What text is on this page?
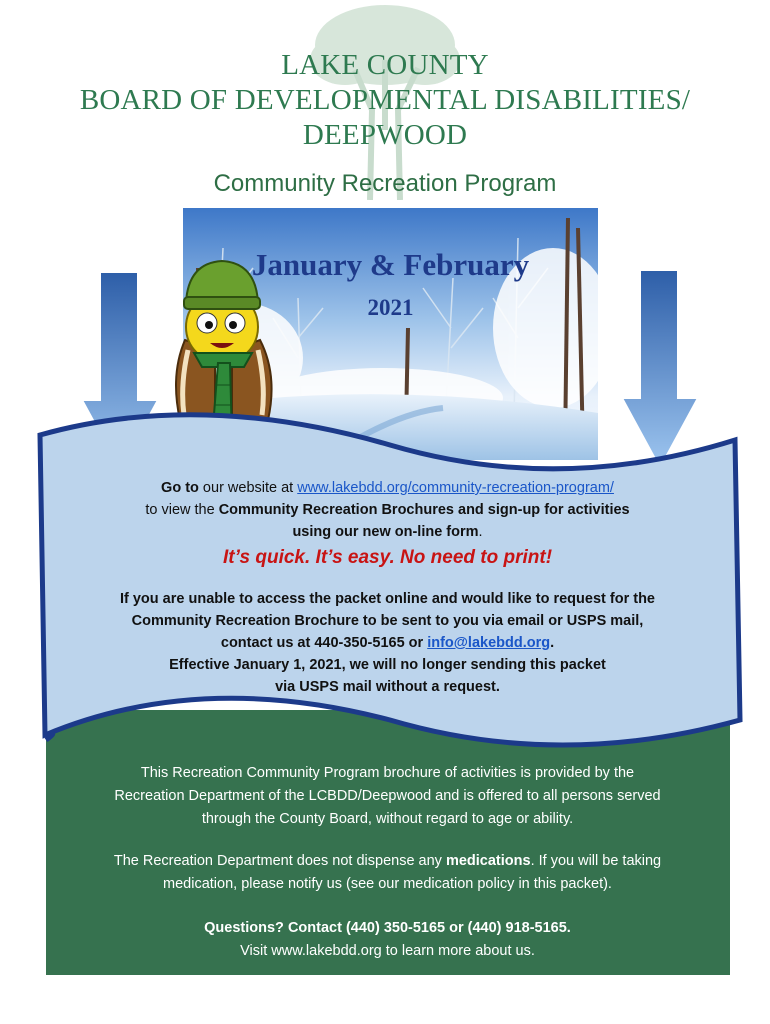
LAKE COUNTY
BOARD OF DEVELOPMENTAL DISABILITIES/
DEEPWOOD
Community Recreation Program
January & February
2021
Go to our website at www.lakebdd.org/community-recreation-program/
to view the Community Recreation Brochures and sign-up for activities
using our new on-line form.
It’s quick. It’s easy. No need to print!
If you are unable to access the packet online and would like to request for the
Community Recreation Brochure to be sent to you via email or USPS mail,
contact us at 440-350-5165 or info@lakebdd.org.
Effective January 1, 2021, we will no longer sending this packet
via USPS mail without a request.
This Recreation Community Program brochure of activities is provided by the
Recreation Department of the LCBDD/Deepwood and is offered to all persons served
through the County Board, without regard to age or ability.
The Recreation Department does not dispense any medications. If you will be taking
medication, please notify us (see our medication policy in this packet).
Questions? Contact (440) 350-5165 or (440) 918-5165.
Visit www.lakebdd.org to learn more about us.
